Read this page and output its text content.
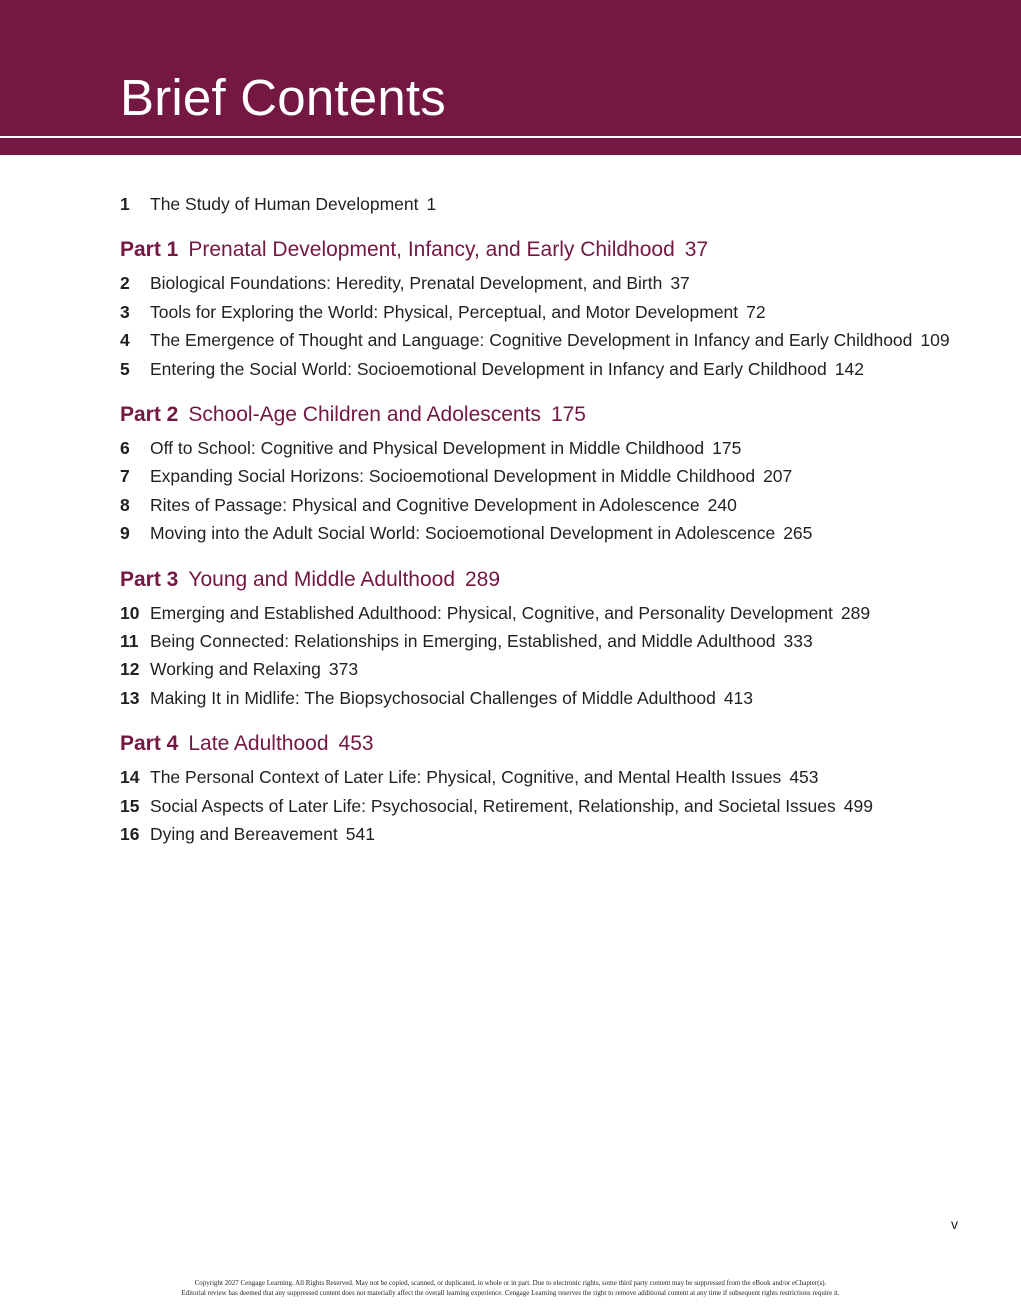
Brief Contents
1	The Study of Human Development 1
Part 1 Prenatal Development, Infancy, and Early Childhood 37
2	Biological Foundations: Heredity, Prenatal Development, and Birth 37
3	Tools for Exploring the World: Physical, Perceptual, and Motor Development 72
4	The Emergence of Thought and Language: Cognitive Development in Infancy and Early Childhood 109
5	Entering the Social World: Socioemotional Development in Infancy and Early Childhood 142
Part 2 School-Age Children and Adolescents 175
6	Off to School: Cognitive and Physical Development in Middle Childhood 175
7	Expanding Social Horizons: Socioemotional Development in Middle Childhood 207
8	Rites of Passage: Physical and Cognitive Development in Adolescence 240
9	Moving into the Adult Social World: Socioemotional Development in Adolescence 265
Part 3 Young and Middle Adulthood 289
10 Emerging and Established Adulthood: Physical, Cognitive, and Personality Development 289
11 Being Connected: Relationships in Emerging, Established, and Middle Adulthood 333
12 Working and Relaxing 373
13 Making It in Midlife: The Biopsychosocial Challenges of Middle Adulthood 413
Part 4 Late Adulthood 453
14 The Personal Context of Later Life: Physical, Cognitive, and Mental Health Issues 453
15 Social Aspects of Later Life: Psychosocial, Retirement, Relationship, and Societal Issues 499
16 Dying and Bereavement 541
v
Copyright 2027 Cengage Learning. All Rights Reserved. May not be copied, scanned, or duplicated, in whole or in part. Due to electronic rights, some third party content may be suppressed from the eBook and/or eChapter(s).
Editorial review has deemed that any suppressed content does not materially affect the overall learning experience. Cengage Learning reserves the right to remove additional content at any time if subsequent rights restrictions require it.
